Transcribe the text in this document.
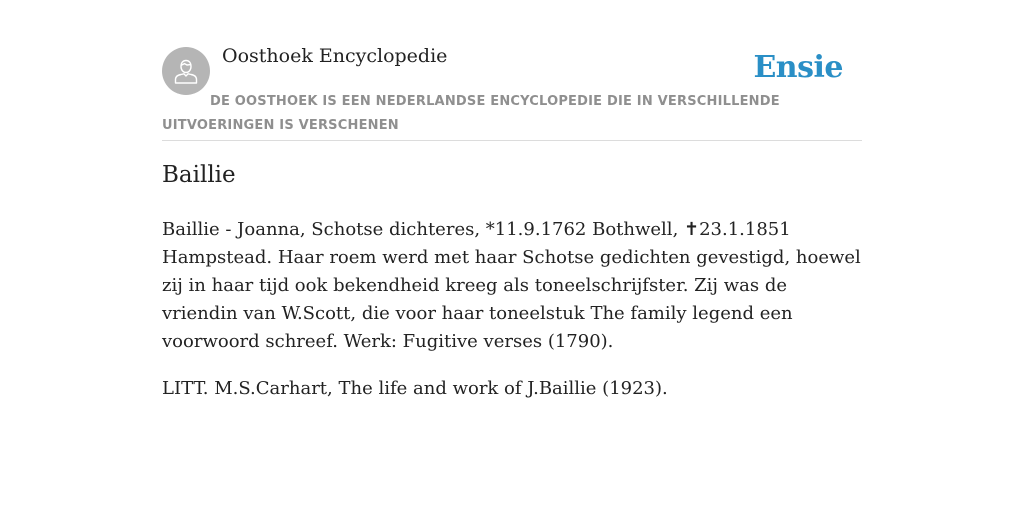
Oosthoek Encyclopedie	Ensie
DE OOSTHOEK IS EEN NEDERLANDSE ENCYCLOPEDIE DIE IN VERSCHILLENDE UITVOERINGEN IS VERSCHENEN
Baillie

Baillie - Joanna, Schotse dichteres, *11.9.1762 Bothwell, ✝23.1.1851 Hampstead. Haar roem werd met haar Schotse gedichten gevestigd, hoewel zij in haar tijd ook bekendheid kreeg als toneelschrijfster. Zij was de vriendin van W.Scott, die voor haar toneelstuk The family legend een voorwoord schreef. Werk: Fugitive verses (1790).

LITT. M.S.Carhart, The life and work of J.Baillie (1923).
